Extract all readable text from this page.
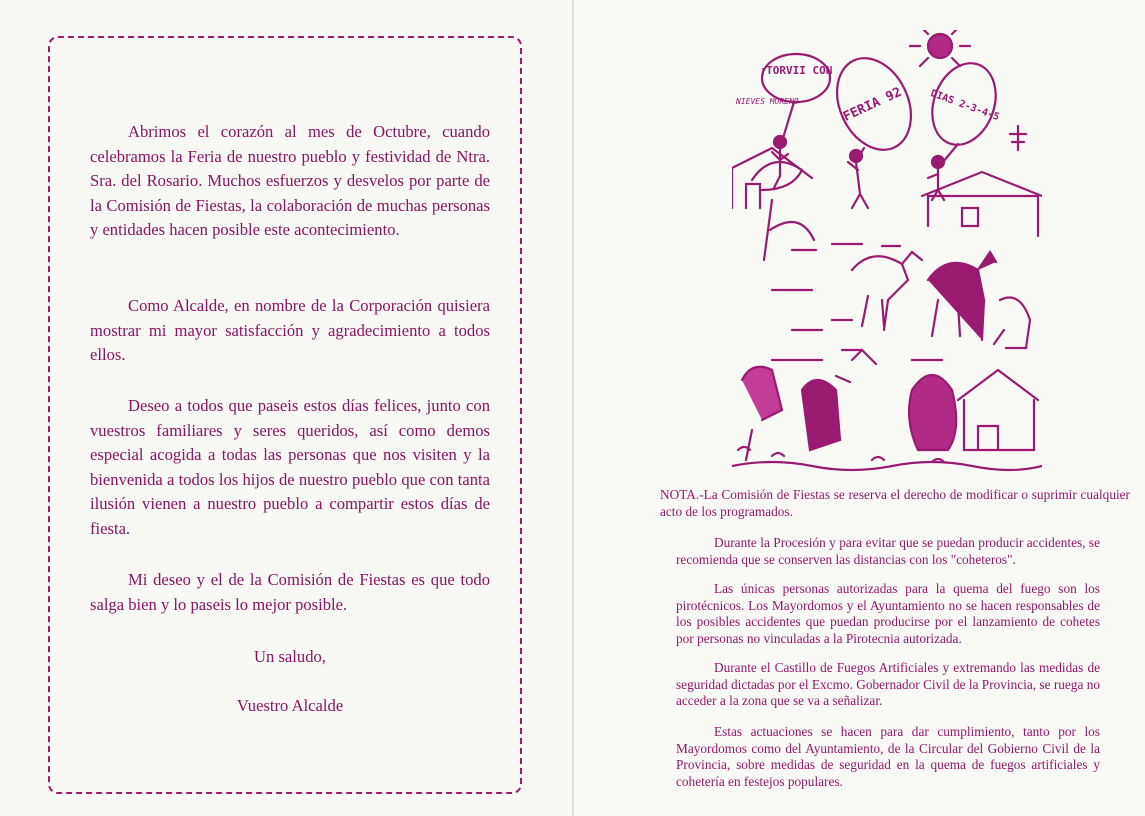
Abrimos el corazón al mes de Octubre, cuando celebramos la Feria de nuestro pueblo y festividad de Ntra. Sra. del Rosario. Muchos esfuerzos y desvelos por parte de la Comisión de Fiestas, la colaboración de muchas personas y entidades hacen posible este acontecimiento.

Como Alcalde, en nombre de la Corporación quisiera mostrar mi mayor satisfacción y agradecimiento a todos ellos.

Deseo a todos que paseis estos días felices, junto con vuestros familiares y seres queridos, así como demos especial acogida a todas las personas que nos visiten y la bienvenida a todos los hijos de nuestro pueblo que con tanta ilusión vienen a nuestro pueblo a compartir estos días de fiesta.

Mi deseo y el de la Comisión de Fiestas es que todo salga bien y lo paseis lo mejor posible.

Un saludo,

Vuestro Alcalde

¡TORVII CON
FERIA 92 DIAS 2-3-4-5
NIEVES MORENO

NOTA.-La Comisión de Fiestas se reserva el derecho de modificar o suprimir cualquier acto de los programados.

Durante la Procesión y para evitar que se puedan producir accidentes, se recomienda que se conserven las distancias con los "coheteros".

Las únicas personas autorizadas para la quema del fuego son los pirotécnicos. Los Mayordomos y el Ayuntamiento no se hacen responsables de los posibles accidentes que puedan producirse por el lanzamiento de cohetes por personas no vinculadas a la Pirotecnia autorizada.

Durante el Castillo de Fuegos Artificiales y extremando las medidas de seguridad dictadas por el Excmo. Gobernador Civil de la Provincia, se ruega no acceder a la zona que se va a señalizar.

Estas actuaciones se hacen para dar cumplimiento, tanto por los Mayordomos como del Ayuntamiento, de la Circular del Gobierno Civil de la Provincia, sobre medidas de seguridad en la quema de fuegos artificiales y cohetería en festejos populares.
